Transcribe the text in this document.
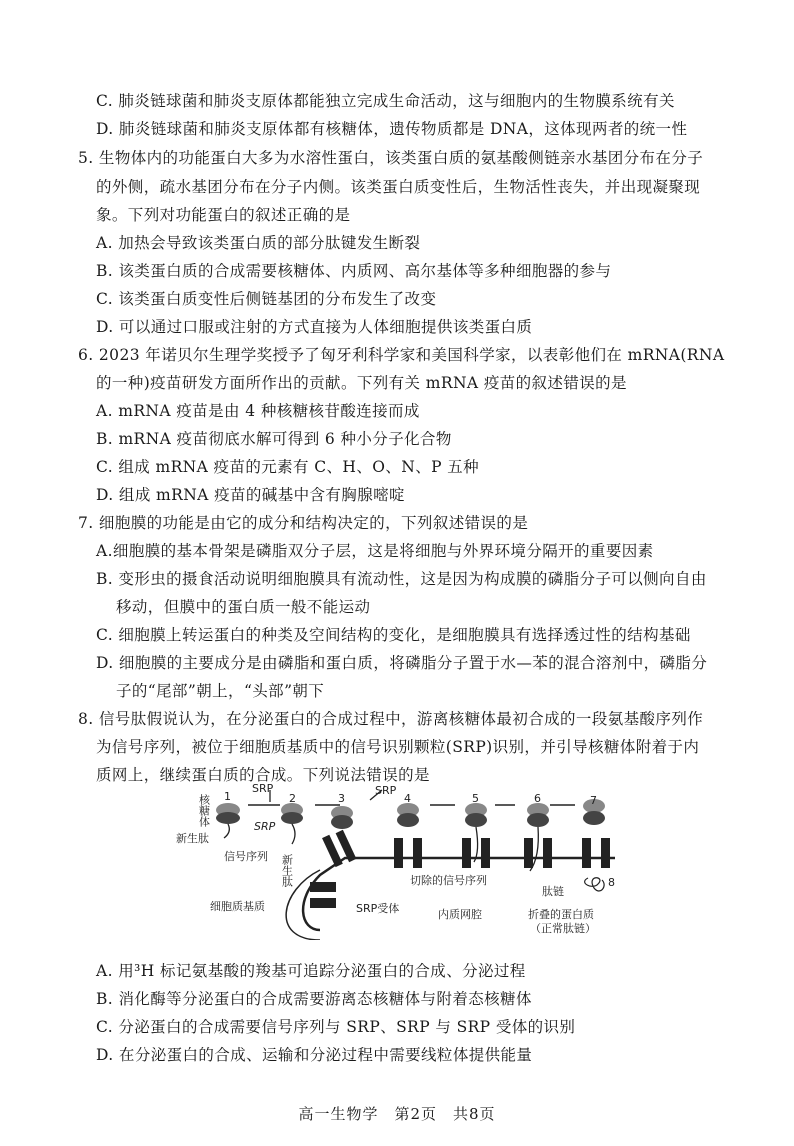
C. 肺炎链球菌和肺炎支原体都能独立完成生命活动，这与细胞内的生物膜系统有关
D. 肺炎链球菌和肺炎支原体都有核糖体，遗传物质都是 DNA，这体现两者的统一性
5. 生物体内的功能蛋白大多为水溶性蛋白，该类蛋白质的氨基酸侧链亲水基团分布在分子
的外侧，疏水基团分布在分子内侧。该类蛋白质变性后，生物活性丧失，并出现凝聚现
象。下列对功能蛋白的叙述正确的是
A. 加热会导致该类蛋白质的部分肽键发生断裂
B. 该类蛋白质的合成需要核糖体、内质网、高尔基体等多种细胞器的参与
C. 该类蛋白质变性后侧链基团的分布发生了改变
D. 可以通过口服或注射的方式直接为人体细胞提供该类蛋白质
6. 2023 年诺贝尔生理学奖授予了匈牙利科学家和美国科学家，以表彰他们在 mRNA(RNA
的一种)疫苗研发方面所作出的贡献。下列有关 mRNA 疫苗的叙述错误的是
A. mRNA 疫苗是由 4 种核糖核苷酸连接而成
B. mRNA 疫苗彻底水解可得到 6 种小分子化合物
C. 组成 mRNA 疫苗的元素有 C、H、O、N、P 五种
D. 组成 mRNA 疫苗的碱基中含有胸腺嘧啶
7. 细胞膜的功能是由它的成分和结构决定的，下列叙述错误的是
A.细胞膜的基本骨架是磷脂双分子层，这是将细胞与外界环境分隔开的重要因素
B. 变形虫的摄食活动说明细胞膜具有流动性，这是因为构成膜的磷脂分子可以侧向自由
移动，但膜中的蛋白质一般不能运动
C. 细胞膜上转运蛋白的种类及空间结构的变化，是细胞膜具有选择透过性的结构基础
D. 细胞膜的主要成分是由磷脂和蛋白质，将磷脂分子置于水—苯的混合溶剂中，磷脂分
子的“尾部”朝上，“头部”朝下
8. 信号肽假说认为，在分泌蛋白的合成过程中，游离核糖体最初合成的一段氨基酸序列作
为信号序列，被位于细胞质基质中的信号识别颗粒(SRP)识别，并引导核糖体附着于内
质网上，继续蛋白质的合成。下列说法错误的是
1	2	3	4	5	6	7
8
核糖体
SRP
SRP
SRP
新生肽
信号序列 新生肽	切除的信号序列
肽链
细胞质基质	SRP受体	内质网腔	折叠的蛋白质
（正常肽链）
A. 用³H 标记氨基酸的羧基可追踪分泌蛋白的合成、分泌过程
B. 消化酶等分泌蛋白的合成需要游离态核糖体与附着态核糖体
C. 分泌蛋白的合成需要信号序列与 SRP、SRP 与 SRP 受体的识别
D. 在分泌蛋白的合成、运输和分泌过程中需要线粒体提供能量
高一生物学　第2页　共8页
